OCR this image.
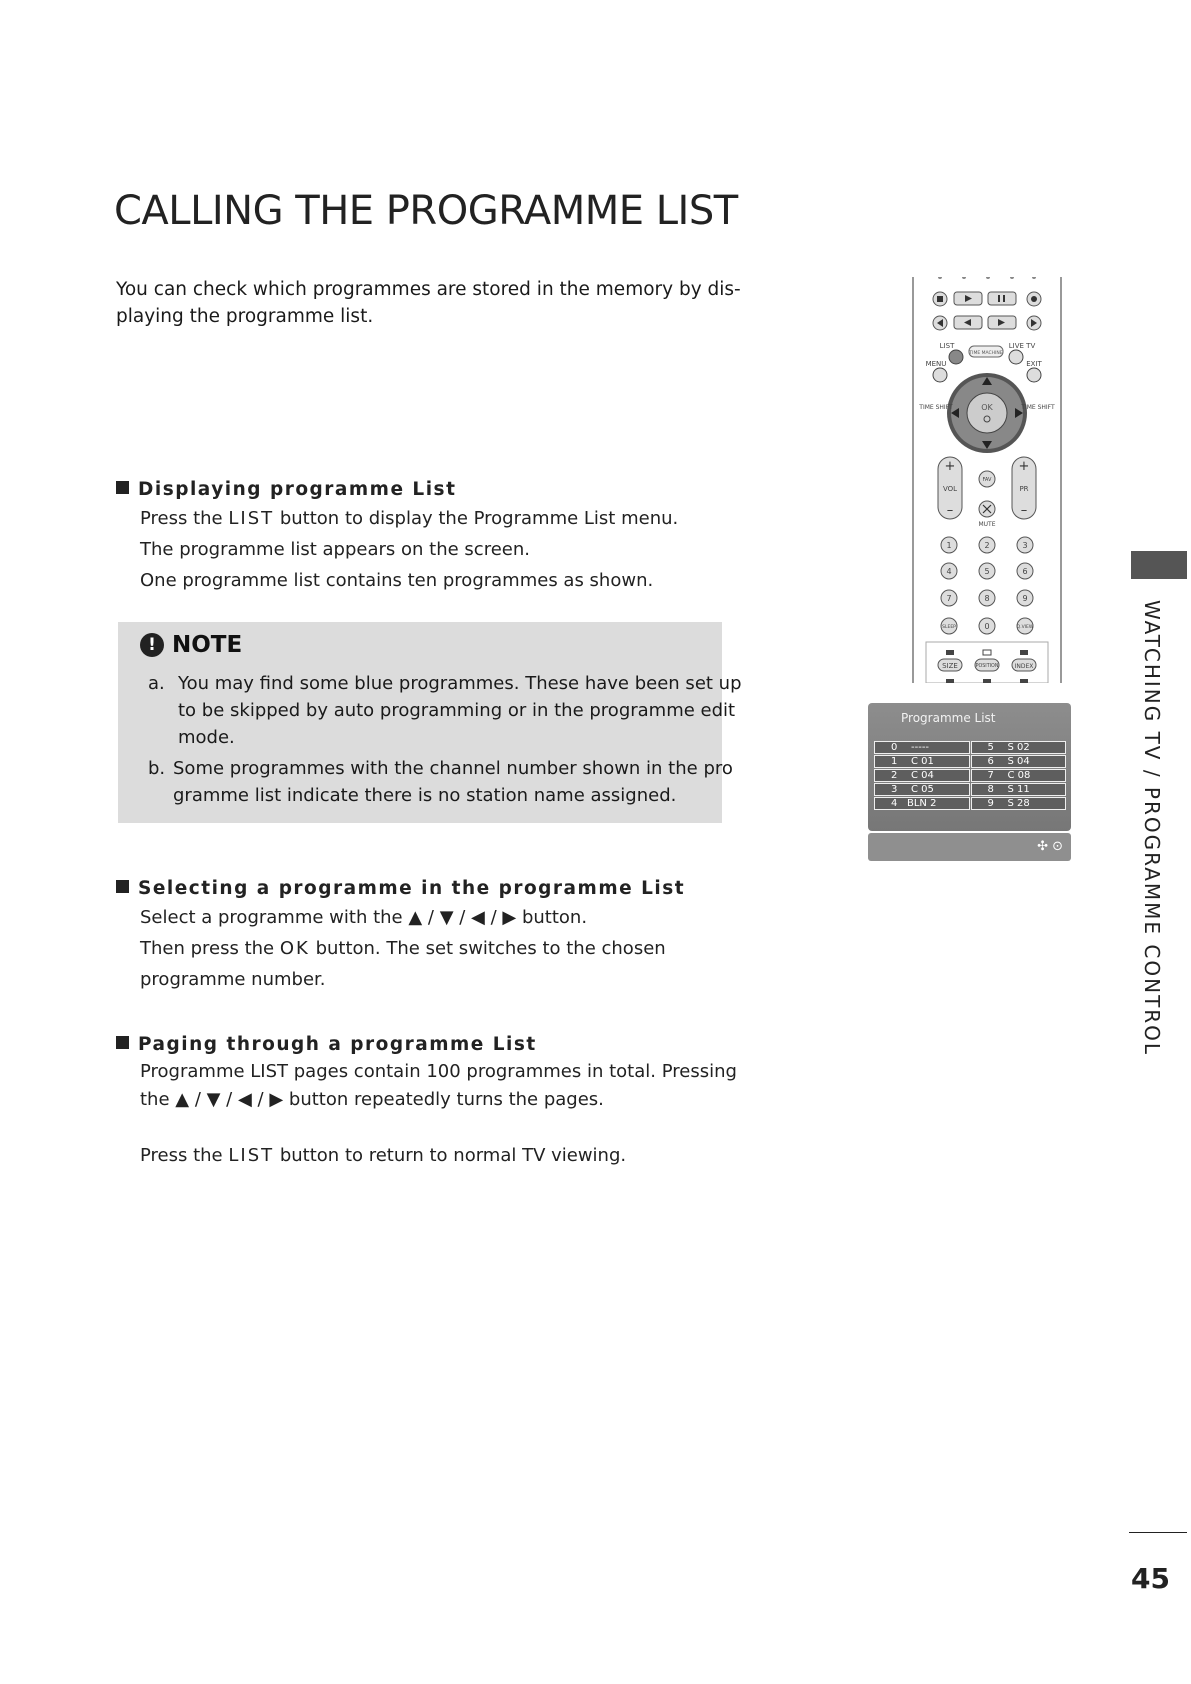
CALLING THE PROGRAMME LIST
You can check which programmes are stored in the memory by dis-
playing the programme list.
Displaying programme List
Press the LIST button to display the Programme List menu.
The programme list appears on the screen.
One programme list contains ten programmes as shown.
! NOTE
a. You may find some blue programmes. These have been set up
to be skipped by auto programming or in the programme edit
mode.
b. Some programmes with the channel number shown in the pro
gramme list indicate there is no station name assigned.
Selecting a programme in the programme List
Select a programme with the ▲ / ▼ / ◀ / ▶ button.
Then press the OK button. The set switches to the chosen
programme number.
Paging through a programme List
Programme LIST pages contain 100 programmes in total. Pressing
the ▲ / ▼ / ◀ / ▶ button repeatedly turns the pages.
Press the LIST button to return to normal TV viewing.
LIST
TIME MACHINE
LIVE TV
MENU	EXIT
OK
TIME SHIFT	TIME SHIFT
+
VOL
–
+
PR
–
FAV
MUTE
1	2	3
4	5	6
7	8	9
SLEEP	0	Q.VIEW
SIZE	POSITION	INDEX
Programme List
0 -----	5 S 02
1 C 01	6 S 04
2 C 04	7 C 08
3 C 05	8 S 11
4 BLN 2	9 S 28
✣ ⊙	WATCHING TV / PROGRAMME CONTROL
45
